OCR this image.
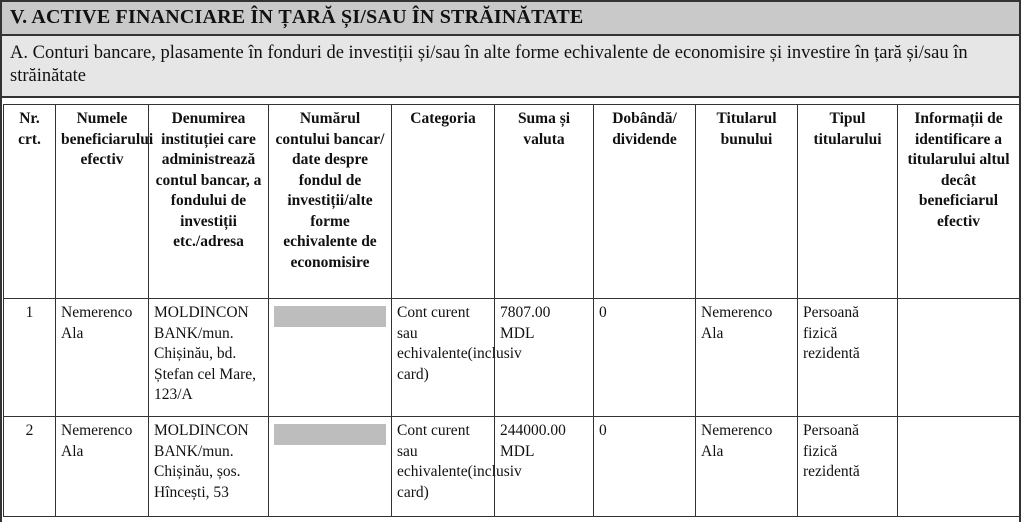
V. ACTIVE FINANCIARE ÎN ȚARĂ ȘI/SAU ÎN STRĂINĂTATE
A. Conturi bancare, plasamente în fonduri de investiții și/sau în alte forme echivalente de economisire și investire în țară și/sau în străinătate
Nr. crt.	Numele beneficiarului efectiv	Denumirea instituției care administrează contul bancar, a fondului de investiții etc./adresa	Numărul contului bancar/ date despre fondul de investiții/alte forme echivalente de economisire	Categoria	Suma și valuta	Dobândă/ dividende	Titularul bunului	Tipul titularului	Informații de identificare a titularului altul decât beneficiarul efectiv
1	Nemerenco Ala	MOLDINCON BANK/mun. Chișinău, bd. Ștefan cel Mare, 123/A		Cont curent sau echivalente(inclusiv card)	7807.00 MDL	0	Nemerenco Ala	Persoană fizică rezidentă	
2	Nemerenco Ala	MOLDINCON BANK/mun. Chișinău, șos. Hîncești, 53		Cont curent sau echivalente(inclusiv card)	244000.00 MDL	0	Nemerenco Ala	Persoană fizică rezidentă	
